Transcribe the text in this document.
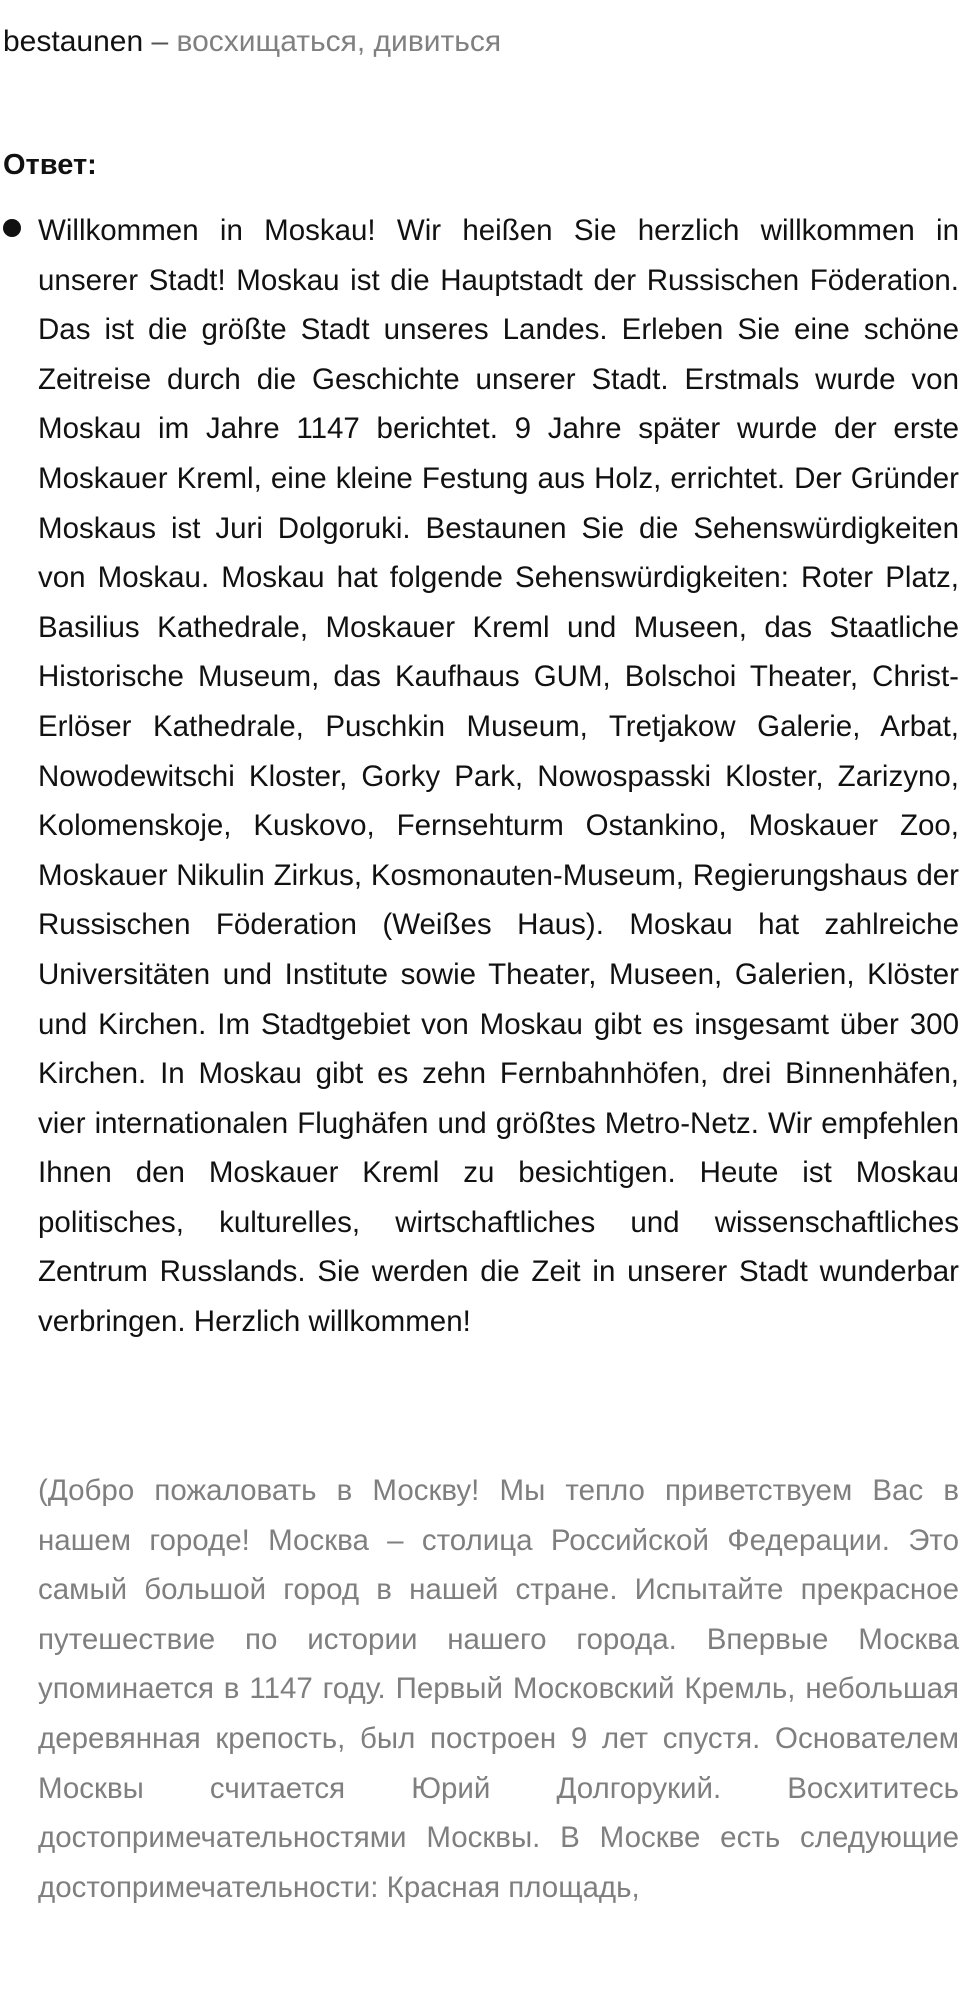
bestaunen – восхищаться, дивиться
Ответ:

Willkommen in Moskau! Wir heißen Sie herzlich willkommen in unserer Stadt! Moskau ist die Hauptstadt der Russischen Föderation. Das ist die größte Stadt unseres Landes. Erleben Sie eine schöne Zeitreise durch die Geschichte unserer Stadt. Erstmals wurde von Moskau im Jahre 1147 berichtet. 9 Jahre später wurde der erste Moskauer Kreml, eine kleine Festung aus Holz, errichtet. Der Gründer Moskaus ist Juri Dolgoruki. Bestaunen Sie die Sehenswürdigkeiten von Moskau. Moskau hat folgende Sehenswürdigkeiten: Roter Platz, Basilius Kathedrale, Moskauer Kreml und Museen, das Staatliche Historische Museum, das Kaufhaus GUM, Bolschoi Theater, Christ-Erlöser Kathedrale, Puschkin Museum, Tretjakow Galerie, Arbat, Nowodewitschi Kloster, Gorky Park, Nowospasski Kloster, Zarizyno, Kolomenskoje, Kuskovo, Fernsehturm Ostankino, Moskauer Zoo, Moskauer Nikulin Zirkus, Kosmonauten-Museum, Regierungshaus der Russischen Föderation (Weißes Haus). Moskau hat zahlreiche Universitäten und Institute sowie Theater, Museen, Galerien, Klöster und Kirchen. Im Stadtgebiet von Moskau gibt es insgesamt über 300 Kirchen. In Moskau gibt es zehn Fernbahnhöfen, drei Binnenhäfen, vier internationalen Flughäfen und größtes Metro-Netz. Wir empfehlen Ihnen den Moskauer Kreml zu besichtigen. Heute ist Moskau politisches, kulturelles, wirtschaftliches und wissenschaftliches Zentrum Russlands. Sie werden die Zeit in unserer Stadt wunderbar verbringen. Herzlich willkommen!

(Добро пожаловать в Москву! Мы тепло приветствуем Вас в нашем городе! Москва – столица Российской Федерации. Это самый большой город в нашей стране. Испытайте прекрасное путешествие по истории нашего города. Впервые Москва упоминается в 1147 году. Первый Московский Кремль, небольшая деревянная крепость, был построен 9 лет спустя. Основателем Москвы считается Юрий Долгорукий. Восхититесь достопримечательностями Москвы. В Москве есть следующие достопримечательности: Красная площадь,
